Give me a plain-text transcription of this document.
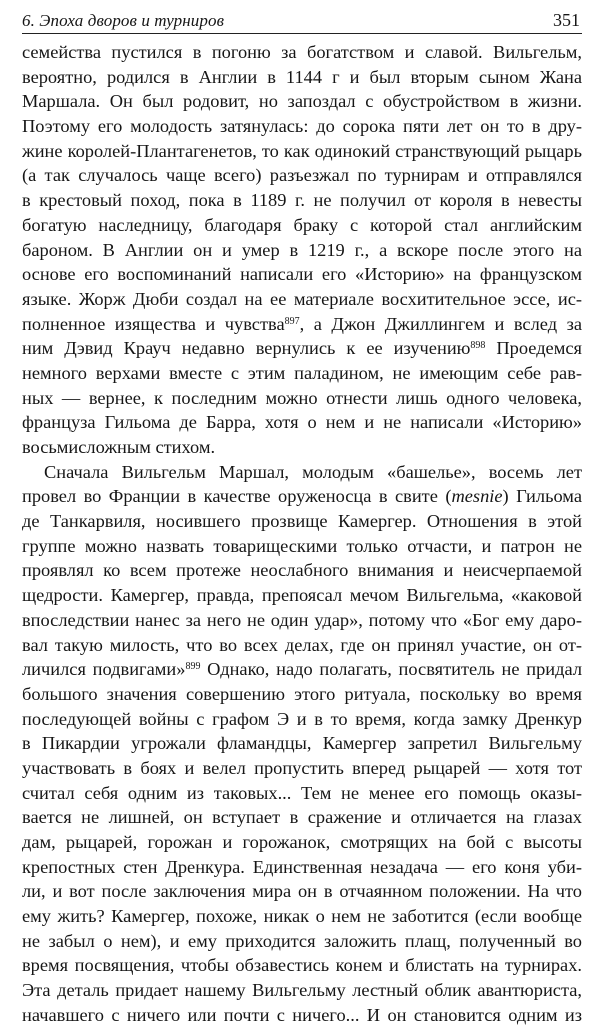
6. Эпоха дворов и турниров	351
семейства пустился в погоню за богатством и славой. Вильгельм,
вероятно, родился в Англии в 1144 г и был вторым сыном Жана
Маршала. Он был родовит, но запоздал с обустройством в жизни.
Поэтому его молодость затянулась: до сорока пяти лет он то в дру-
жине королей-Плантагенетов, то как одинокий странствующий рыцарь
(а так случалось чаще всего) разъезжал по турнирам и отправлялся
в крестовый поход, пока в 1189 г. не получил от короля в невесты
богатую наследницу, благодаря браку с которой стал английским
бароном. В Англии он и умер в 1219 г., а вскоре после этого на
основе его воспоминаний написали его «Историю» на французском
языке. Жорж Дюби создал на ее материале восхитительное эссе, ис-
полненное изящества и чувства$^{897}$, а Джон Джиллингем и вслед за
ним Дэвид Крауч недавно вернулись к ее изучению$^{898}$ Проедемся
немного верхами вместе с этим паладином, не имеющим себе рав-
ных — вернее, к последним можно отнести лишь одного человека,
француза Гильома де Барра, хотя о нем и не написали «Историю»
восьмисложным стихом.
Сначала Вильгельм Маршал, молодым «башелье», восемь лет
провел во Франции в качестве оруженосца в свите (mesnie) Гильома
де Танкарвиля, носившего прозвище Камергер. Отношения в этой
группе можно назвать товарищескими только отчасти, и патрон не
проявлял ко всем протеже неослабного внимания и неисчерпаемой
щедрости. Камергер, правда, препоясал мечом Вильгельма, «каковой
впоследствии нанес за него не один удар», потому что «Бог ему даро-
вал такую милость, что во всех делах, где он принял участие, он от-
личился подвигами»$^{899}$ Однако, надо полагать, посвятитель не придал
большого значения совершению этого ритуала, поскольку во время
последующей войны с графом Э и в то время, когда замку Дренкур
в Пикардии угрожали фламандцы, Камергер запретил Вильгельму
участвовать в боях и велел пропустить вперед рыцарей — хотя тот
считал себя одним из таковых... Тем не менее его помощь оказы-
вается не лишней, он вступает в сражение и отличается на глазах
дам, рыцарей, горожан и горожанок, смотрящих на бой с высоты
крепостных стен Дренкура. Единственная незадача — его коня уби-
ли, и вот после заключения мира он в отчаянном положении. На что
ему жить? Камергер, похоже, никак о нем не заботится (если вообще
не забыл о нем), и ему приходится заложить плащ, полученный во
время посвящения, чтобы обзавестись конем и блистать на турнирах.
Эта деталь придает нашему Вильгельму лестный облик авантюриста,
начавшего с ничего или почти с ничего... И он становится одним из
